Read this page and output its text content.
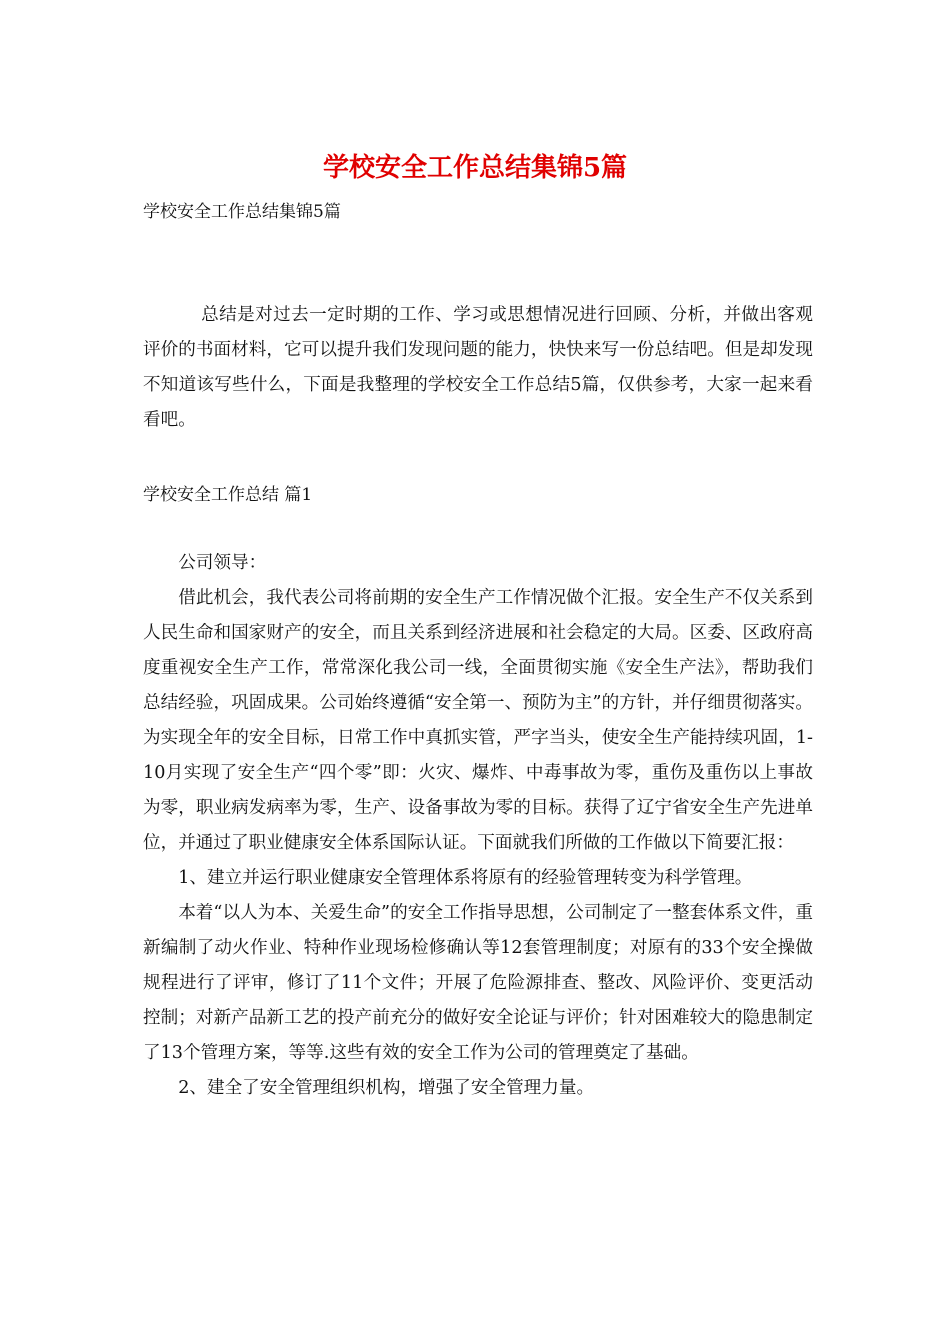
学校安全工作总结集锦5篇
学校安全工作总结集锦5篇

总结是对过去一定时期的工作、学习或思想情况进行回顾、分析，并做出客观评价的书面材料，它可以提升我们发现问题的能力，快快来写一份总结吧。但是却发现不知道该写些什么，下面是我整理的学校安全工作总结5篇，仅供参考，大家一起来看看吧。

学校安全工作总结 篇1

公司领导：

借此机会，我代表公司将前期的安全生产工作情况做个汇报。安全生产不仅关系到人民生命和国家财产的安全，而且关系到经济进展和社会稳定的大局。区委、区政府高度重视安全生产工作，常常深化我公司一线，全面贯彻实施《安全生产法》，帮助我们总结经验，巩固成果。公司始终遵循“安全第一、预防为主”的方针，并仔细贯彻落实。为实现全年的安全目标，日常工作中真抓实管，严字当头，使安全生产能持续巩固，1-10月实现了安全生产“四个零”即：火灾、爆炸、中毒事故为零，重伤及重伤以上事故为零，职业病发病率为零，生产、设备事故为零的目标。获得了辽宁省安全生产先进单位，并通过了职业健康安全体系国际认证。下面就我们所做的工作做以下简要汇报：

1、建立并运行职业健康安全管理体系将原有的经验管理转变为科学管理。

本着“以人为本、关爱生命”的安全工作指导思想，公司制定了一整套体系文件，重新编制了动火作业、特种作业现场检修确认等12套管理制度；对原有的33个安全操做规程进行了评审，修订了11个文件；开展了危险源排查、整改、风险评价、变更活动控制；对新产品新工艺的投产前充分的做好安全论证与评价；针对困难较大的隐患制定了13个管理方案，等等.这些有效的安全工作为公司的管理奠定了基础。

2、建全了安全管理组织机构，增强了安全管理力量。
